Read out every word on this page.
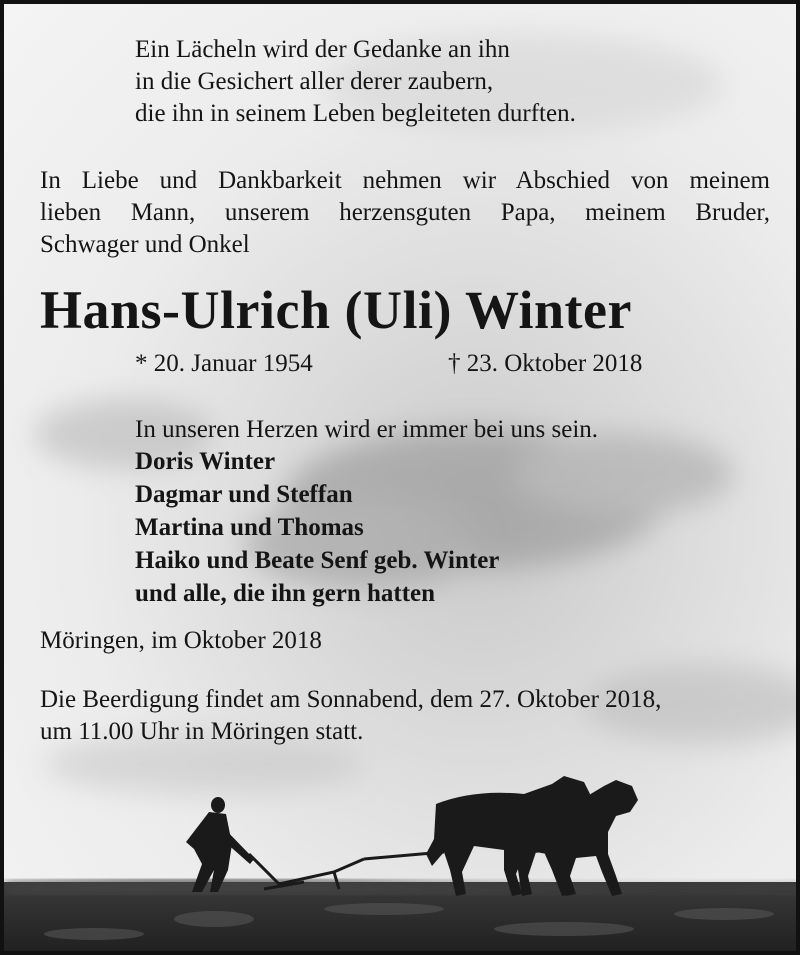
Ein Lächeln wird der Gedanke an ihn
in die Gesichert aller derer zaubern,
die ihn in seinem Leben begleiteten durften.
In Liebe und Dankbarkeit nehmen wir Abschied von meinem
lieben Mann, unserem herzensguten Papa, meinem Bruder,
Schwager und Onkel
Hans-Ulrich (Uli) Winter
* 20. Januar 1954	† 23. Oktober 2018
In unseren Herzen wird er immer bei uns sein.
Doris Winter
Dagmar und Steffan
Martina und Thomas
Haiko und Beate Senf geb. Winter
und alle, die ihn gern hatten
Möringen, im Oktober 2018
Die Beerdigung findet am Sonnabend, dem 27. Oktober 2018,
um 11.00 Uhr in Möringen statt.
